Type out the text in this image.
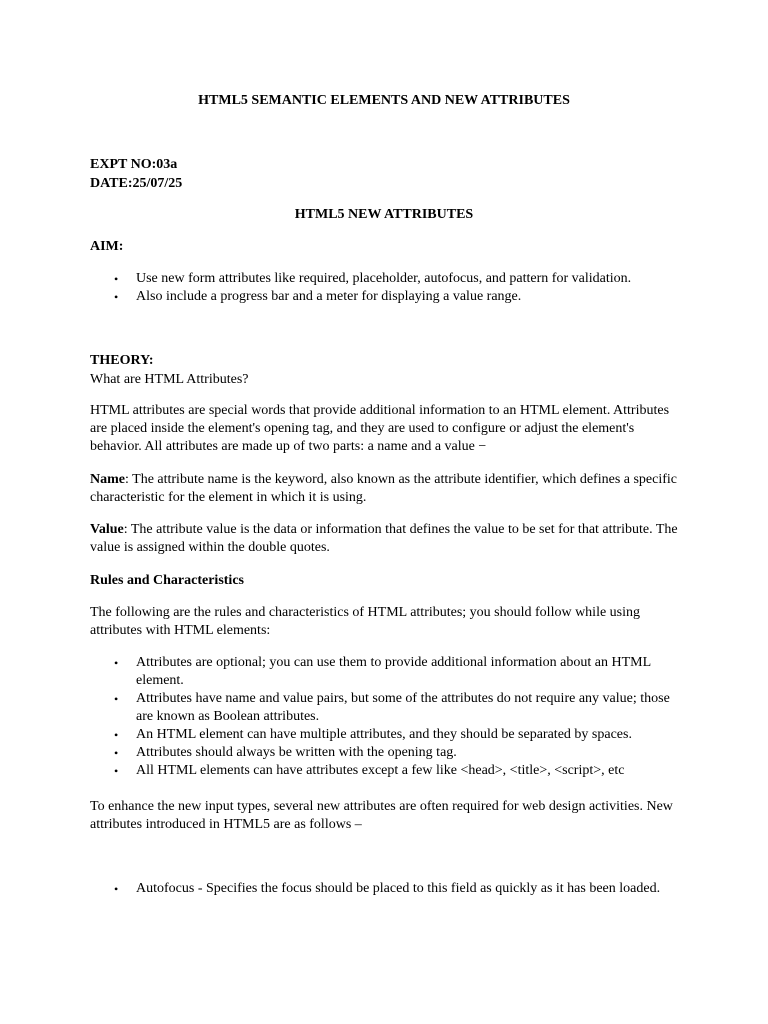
HTML5 SEMANTIC ELEMENTS AND NEW ATTRIBUTES

EXPT NO:03a

DATE:25/07/25

HTML5 NEW ATTRIBUTES

AIM:

•	Use new form attributes like required, placeholder, autofocus, and pattern for validation.
•	Also include a progress bar and a meter for displaying a value range.

THEORY:

What are HTML Attributes?

HTML attributes are special words that provide additional information to an HTML element. Attributes are placed inside the element's opening tag, and they are used to configure or adjust the element's behavior. All attributes are made up of two parts: a name and a value −

Name: The attribute name is the keyword, also known as the attribute identifier, which defines a specific characteristic for the element in which it is using.

Value: The attribute value is the data or information that defines the value to be set for that attribute. The value is assigned within the double quotes.

Rules and Characteristics

The following are the rules and characteristics of HTML attributes; you should follow while using attributes with HTML elements:

•	Attributes are optional; you can use them to provide additional information about an HTML element.
•	Attributes have name and value pairs, but some of the attributes do not require any value; those are known as Boolean attributes.
•	An HTML element can have multiple attributes, and they should be separated by spaces.
•	Attributes should always be written with the opening tag.
•	All HTML elements can have attributes except a few like <head>, <title>, <script>, etc

To enhance the new input types, several new attributes are often required for web design activities. New attributes introduced in HTML5 are as follows –

•	Autofocus - Specifies the focus should be placed to this field as quickly as it has been loaded.
